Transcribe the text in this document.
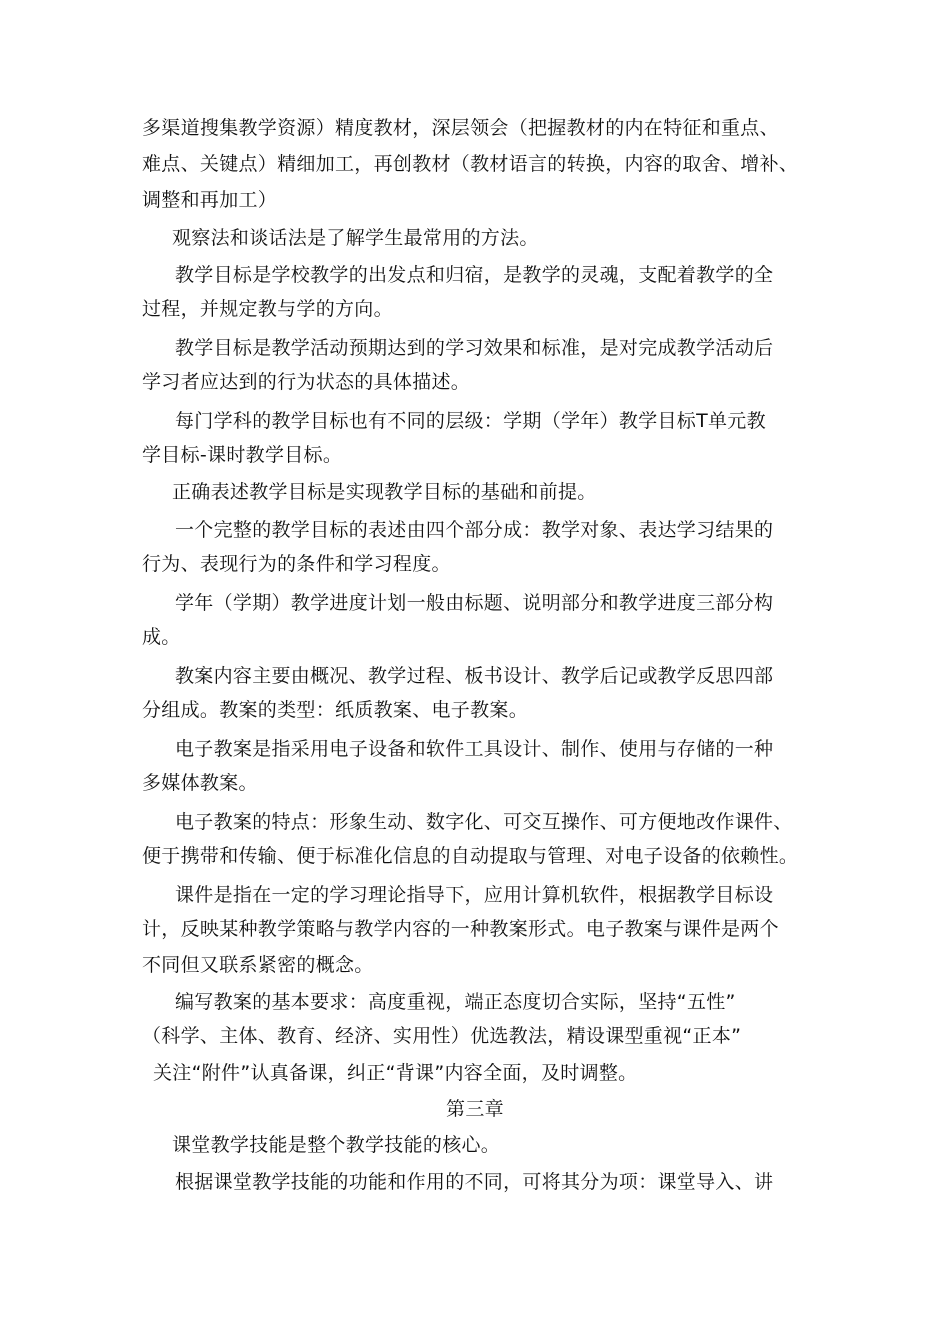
多渠道搜集教学资源）精度教材，深层领会（把握教材的内在特征和重点、
难点、关键点）精细加工，再创教材（教材语言的转换，内容的取舍、增补、
调整和再加工）
观察法和谈话法是了解学生最常用的方法。
教学目标是学校教学的出发点和归宿，是教学的灵魂，支配着教学的全
过程，并规定教与学的方向。
教学目标是教学活动预期达到的学习效果和标准，是对完成教学活动后
学习者应达到的行为状态的具体描述。
每门学科的教学目标也有不同的层级：学期（学年）教学目标T单元教
学目标-课时教学目标。
正确表述教学目标是实现教学目标的基础和前提。
一个完整的教学目标的表述由四个部分成：教学对象、表达学习结果的
行为、表现行为的条件和学习程度。
学年（学期）教学进度计划一般由标题、说明部分和教学进度三部分构
成。
教案内容主要由概况、教学过程、板书设计、教学后记或教学反思四部
分组成。教案的类型：纸质教案、电子教案。
电子教案是指采用电子设备和软件工具设计、制作、使用与存储的一种
多媒体教案。
电子教案的特点：形象生动、数字化、可交互操作、可方便地改作课件、
便于携带和传输、便于标准化信息的自动提取与管理、对电子设备的依赖性。
课件是指在一定的学习理论指导下，应用计算机软件，根据教学目标设
计，反映某种教学策略与教学内容的一种教案形式。电子教案与课件是两个
不同但又联系紧密的概念。
编写教案的基本要求：高度重视，端正态度切合实际，坚持“五性”
（科学、主体、教育、经济、实用性）优选教法，精设课型重视“正本”
关注“附件”认真备课，纠正“背课”内容全面，及时调整。
第三章
课堂教学技能是整个教学技能的核心。
根据课堂教学技能的功能和作用的不同，可将其分为项：课堂导入、讲
